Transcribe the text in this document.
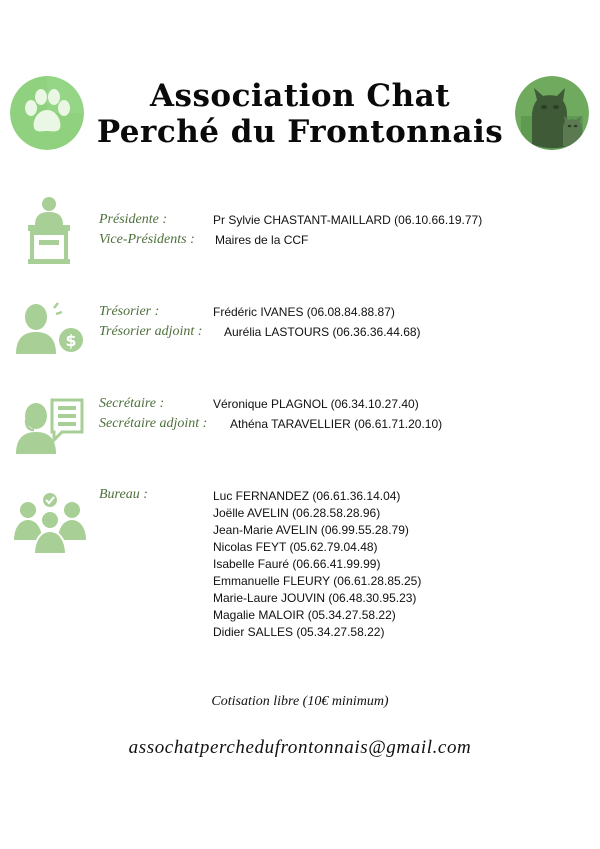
Association Chat
Perché du Frontonnais
$
Présidente :	Pr Sylvie CHASTANT-MAILLARD (06.10.66.19.77)
Vice-Présidents : Maires de la CCF
Trésorier :	Frédéric IVANES (06.08.84.88.87)
Trésorier adjoint : Aurélia LASTOURS (06.36.36.44.68)
Secrétaire :	Véronique PLAGNOL (06.34.10.27.40)
Secrétaire adjoint : Athéna TARAVELLIER (06.61.71.20.10)
Bureau :	Luc FERNANDEZ (06.61.36.14.04)
Joëlle AVELIN (06.28.58.28.96)
Jean-Marie AVELIN (06.99.55.28.79)
Nicolas FEYT (05.62.79.04.48)
Isabelle Fauré (06.66.41.99.99)
Emmanuelle FLEURY (06.61.28.85.25)
Marie-Laure JOUVIN (06.48.30.95.23)
Magalie MALOIR (05.34.27.58.22)
Didier SALLES (05.34.27.58.22)
Cotisation libre (10€ minimum)
assochatperchedufrontonnais@gmail.com
